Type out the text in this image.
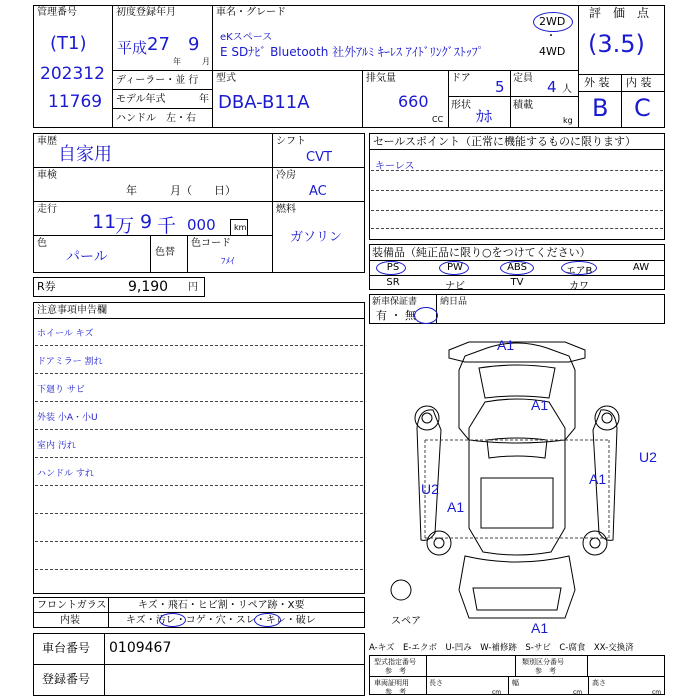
管理番号
(T1)
202312
11769
初度登録年月
平成 27
年
9
月
ディーラー・並 行
モデル年式	年
ハンドル　左・右
車名・グレード
eKスペース
E SDﾅﾋﾞ Bluetooth 社外ｱﾙﾐ ｷｰﾚｽ ｱｲﾄﾞﾘﾝｸﾞｽﾄｯﾌﾟ
2WD
・
4WD
型式
DBA-B11A
排気量
660
CC
ドア 5 定員 4 人
形状
ｶﾎ
積載
kg
評　価　点
(3.5)
外 装 内 装
B C
車歴
自家用
車検
年　　　月（　　日）
走行
11
万 9 千 000 km
色
パール	色替
色コード
ﾌﾒｲ
シフト
CVT
冷房
AC
燃料
ガソリン
セールスポイント（正常に機能するものに限ります）
キーレス
装備品（純正品に限り○をつけてください）
PS	PW	ABS	エアB	AW
SR	ナビ	TV	カワ
R券	9,190 円
新車保証書
有 ・ 無
納日品
注意事項申告欄
ホイール キズ
ドアミラー 割れ
下廻り サビ
外装 小A・小U
室内 汚れ
ハンドル すれ
フロントガラス	キズ・飛石・ヒビ割・リペア跡・X要
内装	キズ・汚レ・コゲ・穴・スレ・キレ・破レ
車台番号 0109467
登録番号
A1
A1
U2
U2
A1
A1
A1
スペア
A-キズ　E-エクボ　U-凹み　W-補修跡　S-サビ　C-腐食　XX-交換済
型式指定番号
参　考
類別区分番号
参　考
車両証明用
参　考
長さ
cm
幅
cm
高さ
cm
